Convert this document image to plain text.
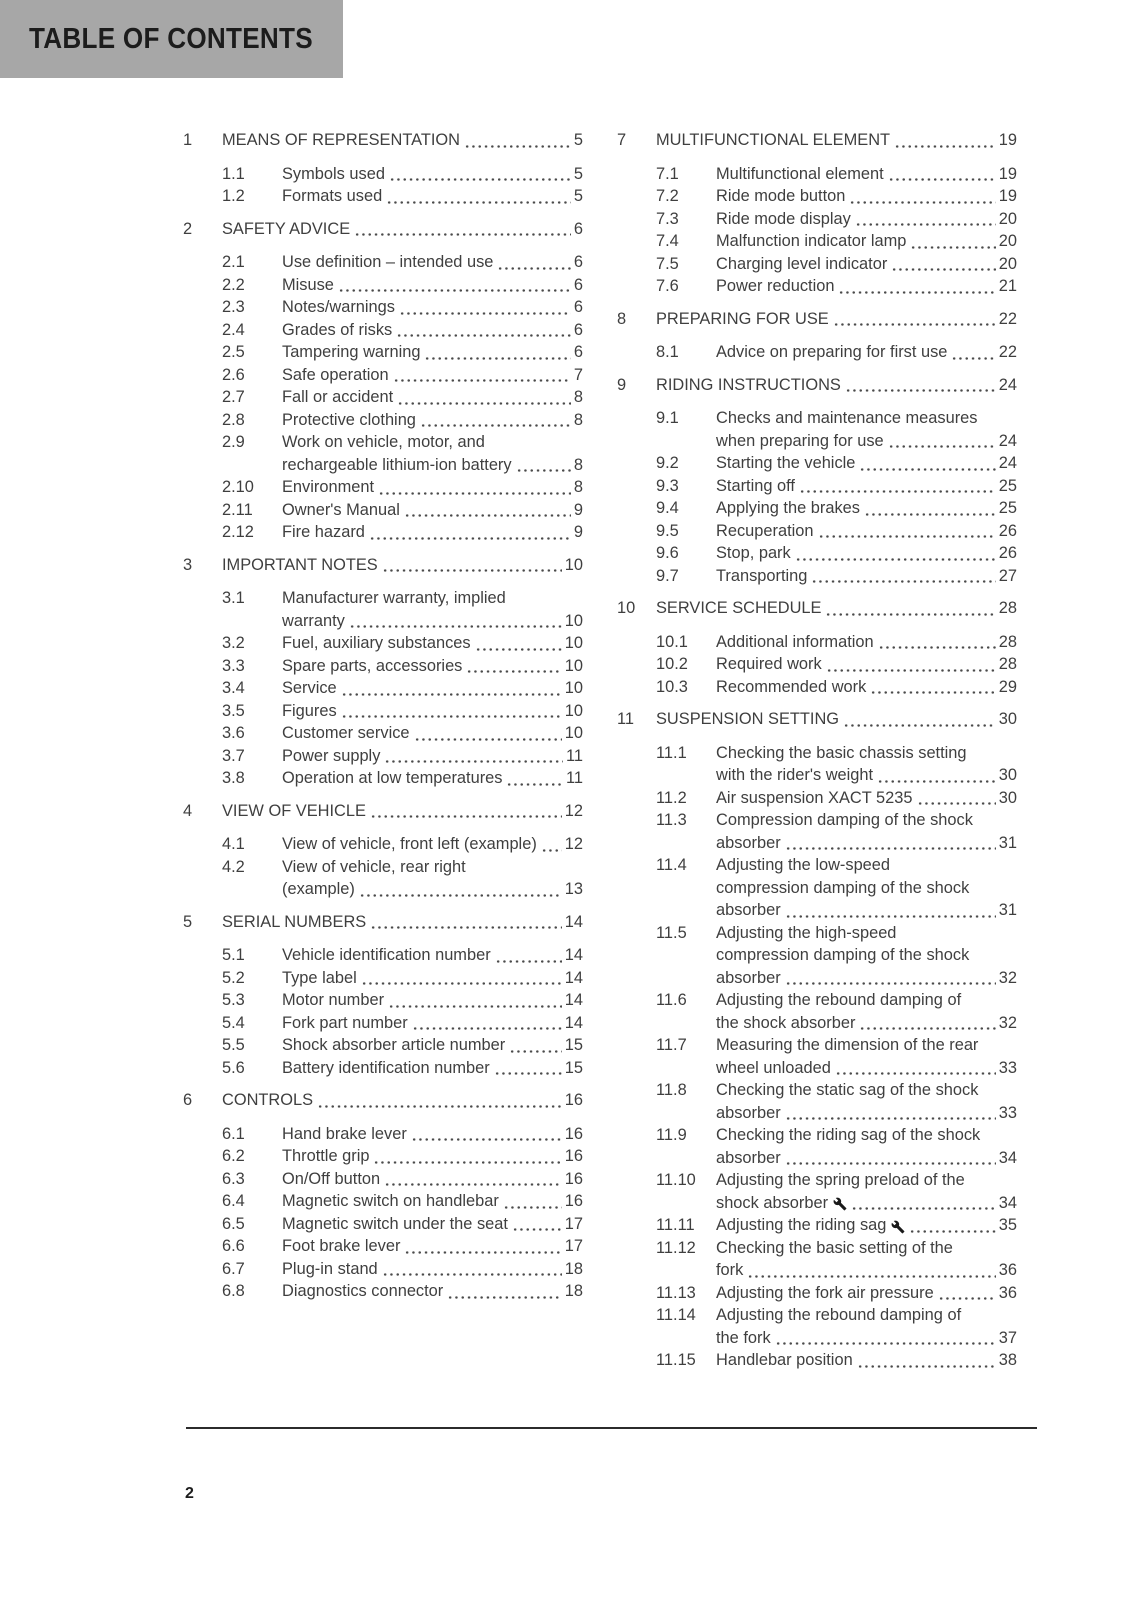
TABLE OF CONTENTS
1	MEANS OF REPRESENTATION	5
1.1	Symbols used	5
1.2	Formats used	5
2	SAFETY ADVICE	6
2.1	Use definition – intended use	6
2.2	Misuse	6
2.3	Notes/warnings	6
2.4	Grades of risks	6
2.5	Tampering warning	6
2.6	Safe operation	7
2.7	Fall or accident	8
2.8	Protective clothing	8
2.9	Work on vehicle, motor, and
rechargeable lithium-ion battery	8
2.10	Environment	8
2.11	Owner's Manual	9
2.12	Fire hazard	9
3	IMPORTANT NOTES	10
3.1	Manufacturer warranty, implied
warranty	10
3.2	Fuel, auxiliary substances	10
3.3	Spare parts, accessories	10
3.4	Service	10
3.5	Figures	10
3.6	Customer service	10
3.7	Power supply	11
3.8	Operation at low temperatures	11
4	VIEW OF VEHICLE	12
4.1	View of vehicle, front left (example) 12
4.2	View of vehicle, rear right
(example)	13
5	SERIAL NUMBERS	14
5.1	Vehicle identification number	14
5.2	Type label	14
5.3	Motor number	14
5.4	Fork part number	14
5.5	Shock absorber article number	15
5.6	Battery identification number	15
6	CONTROLS	16
6.1	Hand brake lever	16
6.2	Throttle grip	16
6.3	On/Off button	16
6.4	Magnetic switch on handlebar	16
6.5	Magnetic switch under the seat	17
6.6	Foot brake lever	17
6.7	Plug-in stand	18
6.8	Diagnostics connector	18
7	MULTIFUNCTIONAL ELEMENT	19
7.1	Multifunctional element	19
7.2	Ride mode button	19
7.3	Ride mode display	20
7.4	Malfunction indicator lamp	20
7.5	Charging level indicator	20
7.6	Power reduction	21
8	PREPARING FOR USE	22
8.1	Advice on preparing for first use	22
9	RIDING INSTRUCTIONS	24
9.1	Checks and maintenance measures
when preparing for use	24
9.2	Starting the vehicle	24
9.3	Starting off	25
9.4	Applying the brakes	25
9.5	Recuperation	26
9.6	Stop, park	26
9.7	Transporting	27
10	SERVICE SCHEDULE	28
10.1	Additional information	28
10.2	Required work	28
10.3	Recommended work	29
11	SUSPENSION SETTING	30
11.1	Checking the basic chassis setting
with the rider's weight	30
11.2	Air suspension XACT 5235	30
11.3	Compression damping of the shock
absorber	31
11.4	Adjusting the low-speed
compression damping of the shock
absorber	31
11.5	Adjusting the high-speed
compression damping of the shock
absorber	32
11.6	Adjusting the rebound damping of
the shock absorber	32
11.7	Measuring the dimension of the rear
wheel unloaded	33
11.8	Checking the static sag of the shock
absorber	33
11.9	Checking the riding sag of the shock
absorber	34
11.10	Adjusting the spring preload of the
shock absorber	34
11.11	Adjusting the riding sag	35
11.12	Checking the basic setting of the
fork	36
11.13	Adjusting the fork air pressure	36
11.14	Adjusting the rebound damping of
the fork	37
11.15	Handlebar position	38
2
